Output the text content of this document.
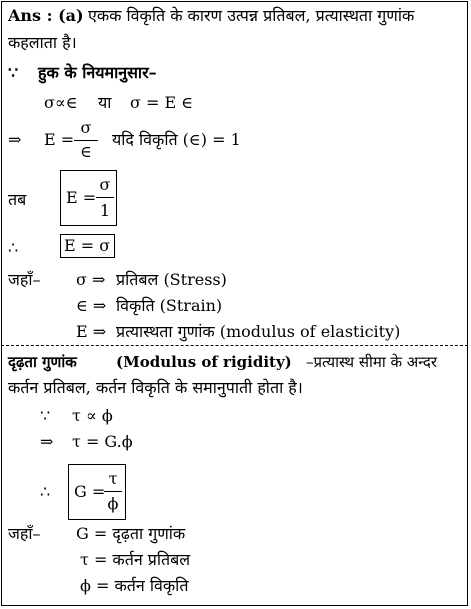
Ans : (a) एकक विकृति के कारण उत्पन्न प्रतिबल, प्रत्यास्थता गुणांक
कहलाता है।
∵ हुक के नियमानुसार–
σ∝∈ या σ = E ∈
⇒ E =
σ
∈
यदि विकृति (∈) = 1
तब E =
σ
1
∴	E = σ
जहाँ– σ ⇒ प्रतिबल (Stress)
∈ ⇒ विकृति (Strain)
E ⇒ प्रत्यास्थता गुणांक (modulus of elasticity)
दृढ़ता गुणांक	(Modulus of rigidity) –प्रत्यास्थ सीमा के अन्दर
कर्तन प्रतिबल, कर्तन विकृति के समानुपाती होता है।
∵ τ ∝ ϕ
⇒ τ = G.ϕ
∴ G =
τ
ϕ
जहाँ– G = दृढ़ता गुणांक
τ = कर्तन प्रतिबल
ϕ = कर्तन विकृति
